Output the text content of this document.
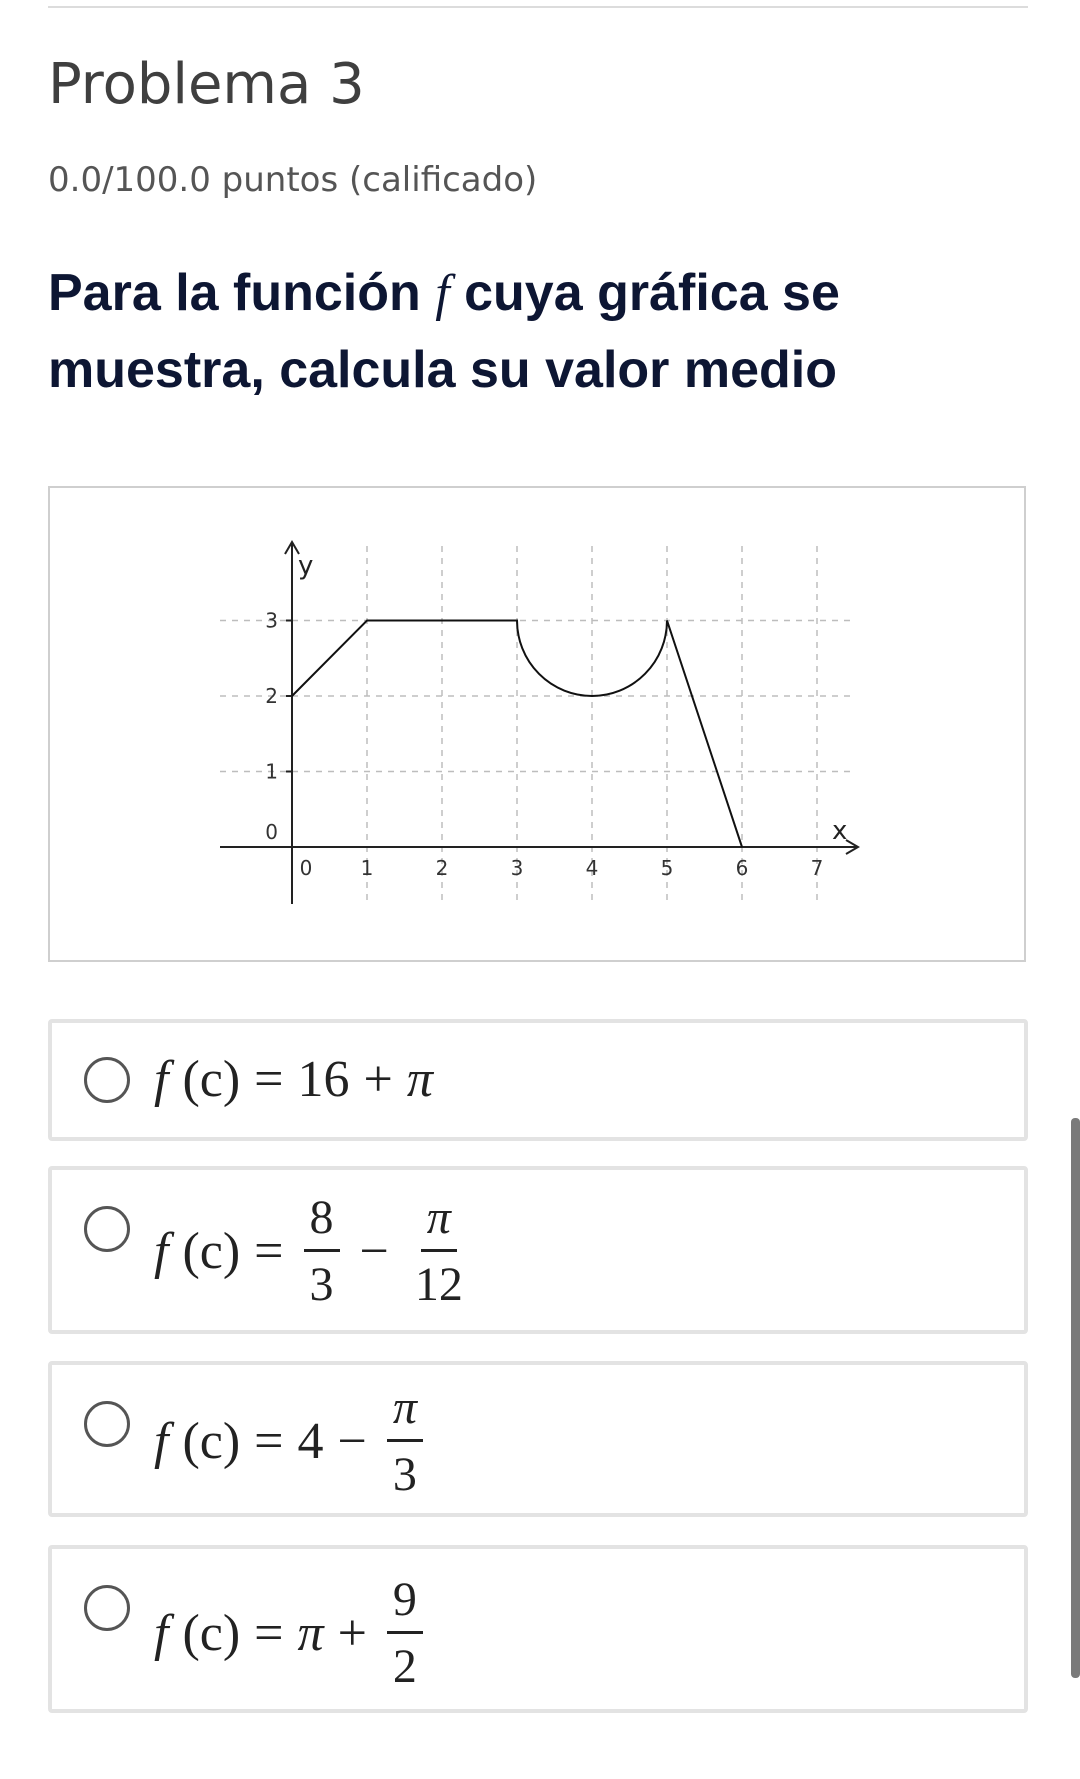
Problema 3
0.0/100.0 puntos (calificado)

Para la función f cuya gráfica se muestra, calcula su valor medio

x
y
0 1	2	3	4	5	6	7
0
1
2
3
f (c) = 16 + π
f $(c) = \frac{8}{3} - \frac{\pi}{12}$
f $(c) = 4 - \frac{\pi}{3}$
f $(c) = \pi + \frac{9}{2}$
